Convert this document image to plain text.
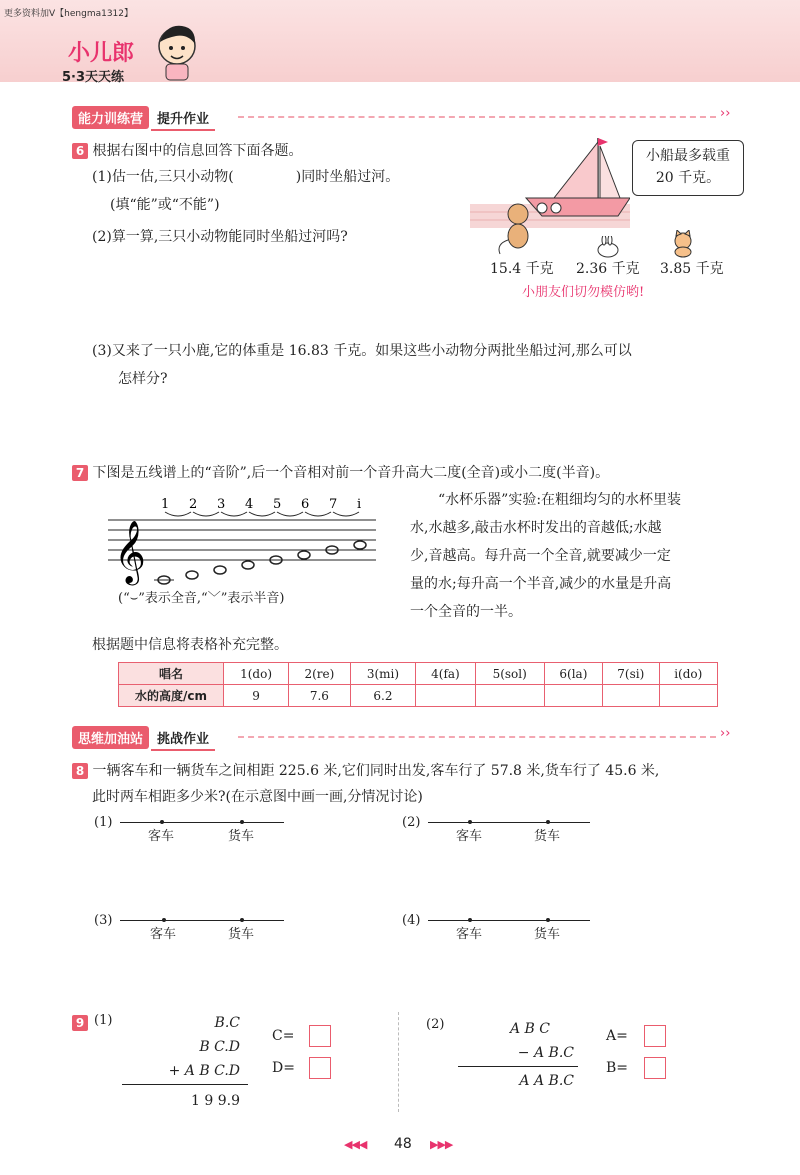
更多资料加V【hengma1312】
小儿郎
5·3天天练
能力训练营 提升作业	››
6 根据右图中的信息回答下面各题。
(1)估一估,三只小动物(	)同时坐船过河。
(填“能”或“不能”)
(2)算一算,三只小动物能同时坐船过河吗?
小船最多载重
20 千克。
15.4 千克 2.36 千克 3.85 千克
小朋友们切勿模仿哟!
(3)又来了一只小鹿,它的体重是 16.83 千克。如果这些小动物分两批坐船过河,那么可以
怎样分?
7 下图是五线谱上的“音阶”,后一个音相对前一个音升高大二度(全音)或小二度(半音)。
𝄞
1 2 3 4 5 6 7 i
(“⌣”表示全音,“﹀”表示半音)
“水杯乐器”实验:在粗细均匀的水杯里装
水,水越多,敲击水杯时发出的音越低;水越
少,音越高。每升高一个全音,就要减少一定
量的水;每升高一个半音,减少的水量是升高
一个全音的一半。
根据题中信息将表格补充完整。
唱名	1(do)	2(re)	3(mi)	4(fa)	5(sol)	6(la)	7(si)	i(do)
水的高度/cm	9	7.6	6.2					
思维加油站 挑战作业	››
8 一辆客车和一辆货车之间相距 225.6 米,它们同时出发,客车行了 57.8 米,货车行了 45.6 米,
此时两车相距多少米?(在示意图中画一画,分情况讨论)
(1)
客车	货车
(2)
客车	货车
(3)
客车	货车
(4)
客车	货车
9 (1)	B.C
B C.D
+ A B C.D
1 9 9.9
C=
D=
(2)	A B C
− A B.C
A A B.C
A=
B=
◀◀◀ 48 ▶▶▶
